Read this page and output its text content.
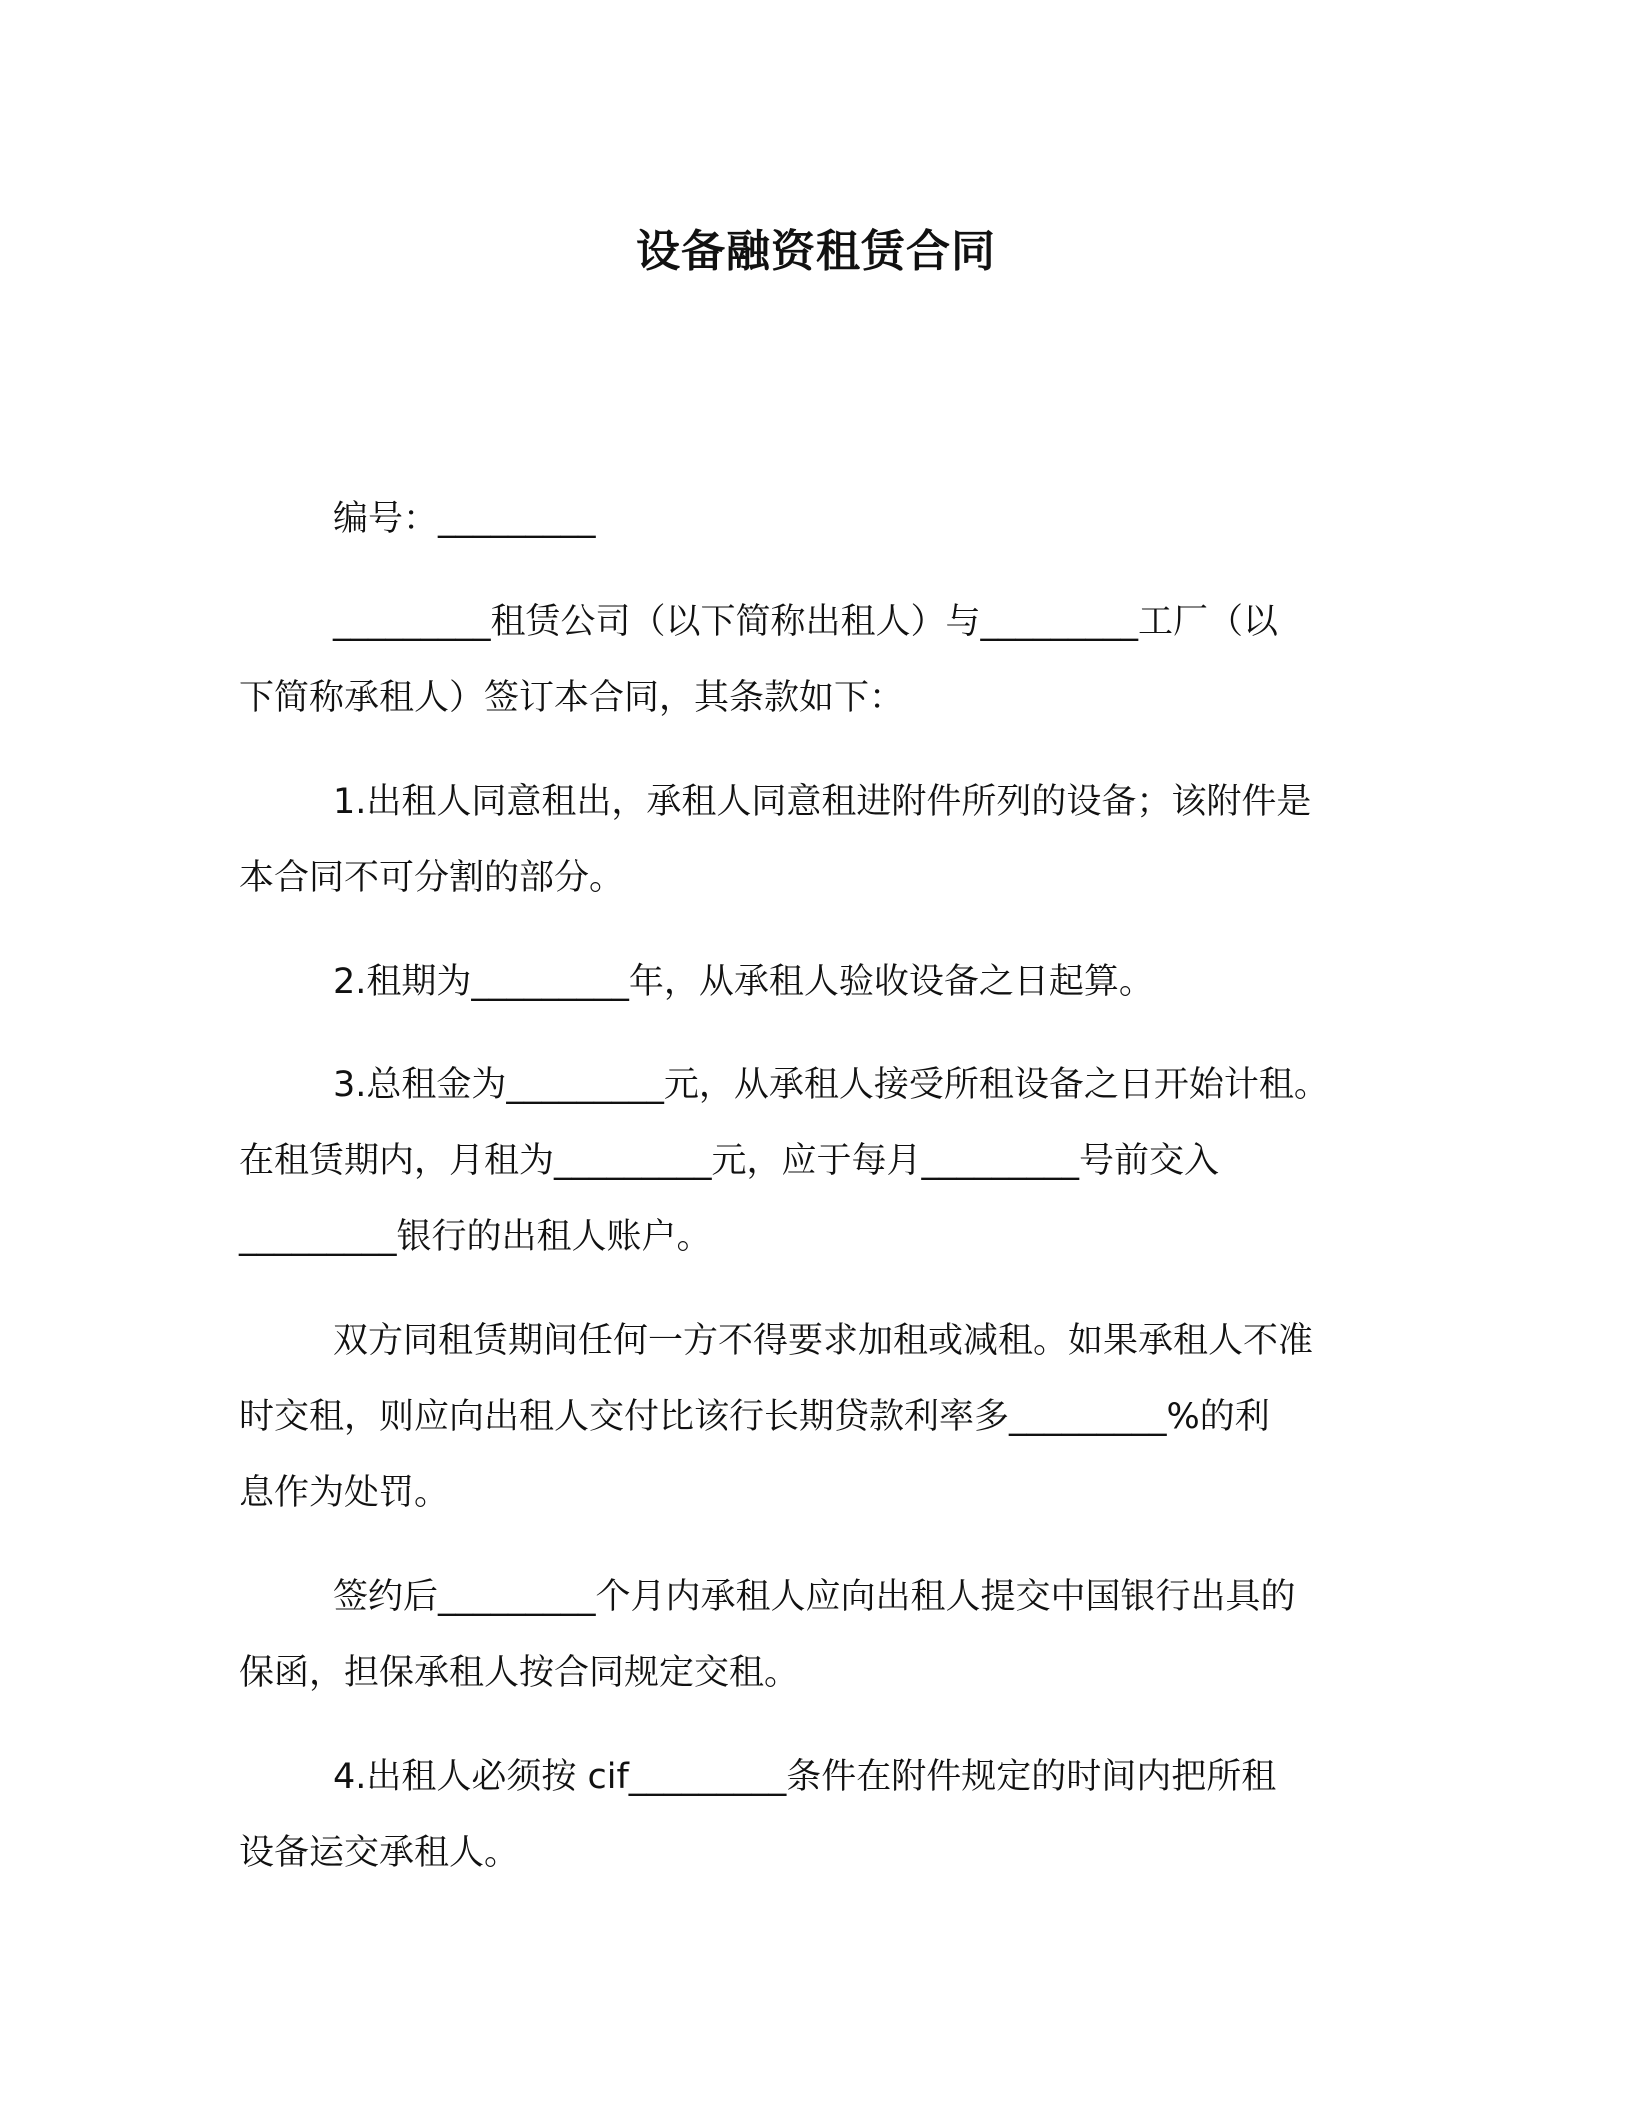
设备融资租赁合同
编号：_________
_________租赁公司（以下简称出租人）与_________工厂（以
下简称承租人）签订本合同，其条款如下：
1.出租人同意租出，承租人同意租进附件所列的设备；该附件是
本合同不可分割的部分。
2.租期为_________年，从承租人验收设备之日起算。
3.总租金为_________元，从承租人接受所租设备之日开始计租。
在租赁期内，月租为_________元，应于每月_________号前交入
_________银行的出租人账户。
双方同租赁期间任何一方不得要求加租或减租。如果承租人不准
时交租，则应向出租人交付比该行长期贷款利率多_________%的利
息作为处罚。
签约后_________个月内承租人应向出租人提交中国银行出具的
保函，担保承租人按合同规定交租。
4.出租人必须按 cif_________条件在附件规定的时间内把所租
设备运交承租人。
